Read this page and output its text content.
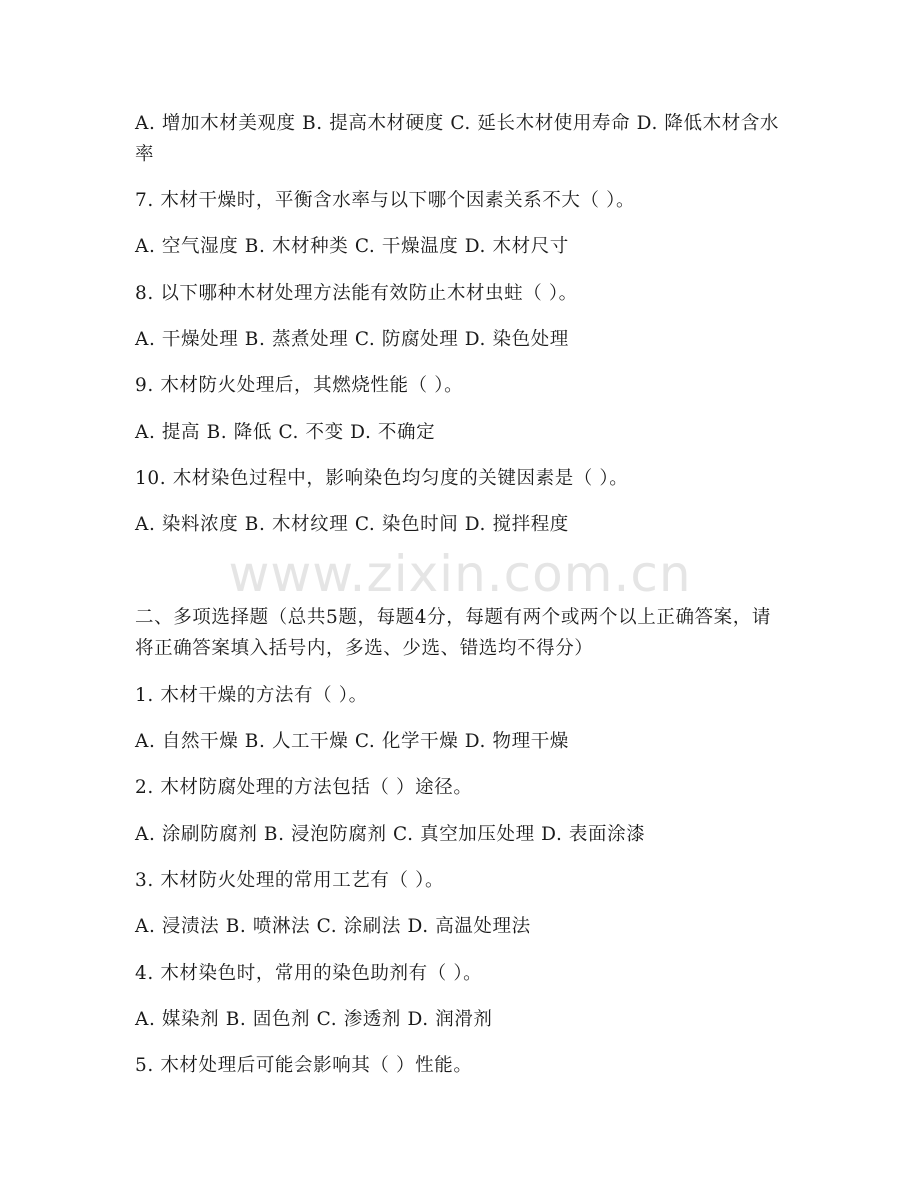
A. 增加木材美观度 B. 提高木材硬度 C. 延长木材使用寿命 D. 降低木材含水率
7. 木材干燥时，平衡含水率与以下哪个因素关系不大（ ）。
A. 空气湿度 B. 木材种类 C. 干燥温度 D. 木材尺寸
8. 以下哪种木材处理方法能有效防止木材虫蛀（ ）。
A. 干燥处理 B. 蒸煮处理 C. 防腐处理 D. 染色处理
9. 木材防火处理后，其燃烧性能（ ）。
A. 提高 B. 降低 C. 不变 D. 不确定
10. 木材染色过程中，影响染色均匀度的关键因素是（ ）。
A. 染料浓度 B. 木材纹理 C. 染色时间 D. 搅拌程度
www.zixin.com.cn
二、多项选择题（总共5题，每题4分，每题有两个或两个以上正确答案，请将正确答案填入括号内，多选、少选、错选均不得分）
1. 木材干燥的方法有（ ）。
A. 自然干燥 B. 人工干燥 C. 化学干燥 D. 物理干燥
2. 木材防腐处理的方法包括（ ）途径。
A. 涂刷防腐剂 B. 浸泡防腐剂 C. 真空加压处理 D. 表面涂漆
3. 木材防火处理的常用工艺有（ ）。
A. 浸渍法 B. 喷淋法 C. 涂刷法 D. 高温处理法
4. 木材染色时，常用的染色助剂有（ ）。
A. 媒染剂 B. 固色剂 C. 渗透剂 D. 润滑剂
5. 木材处理后可能会影响其（ ）性能。
